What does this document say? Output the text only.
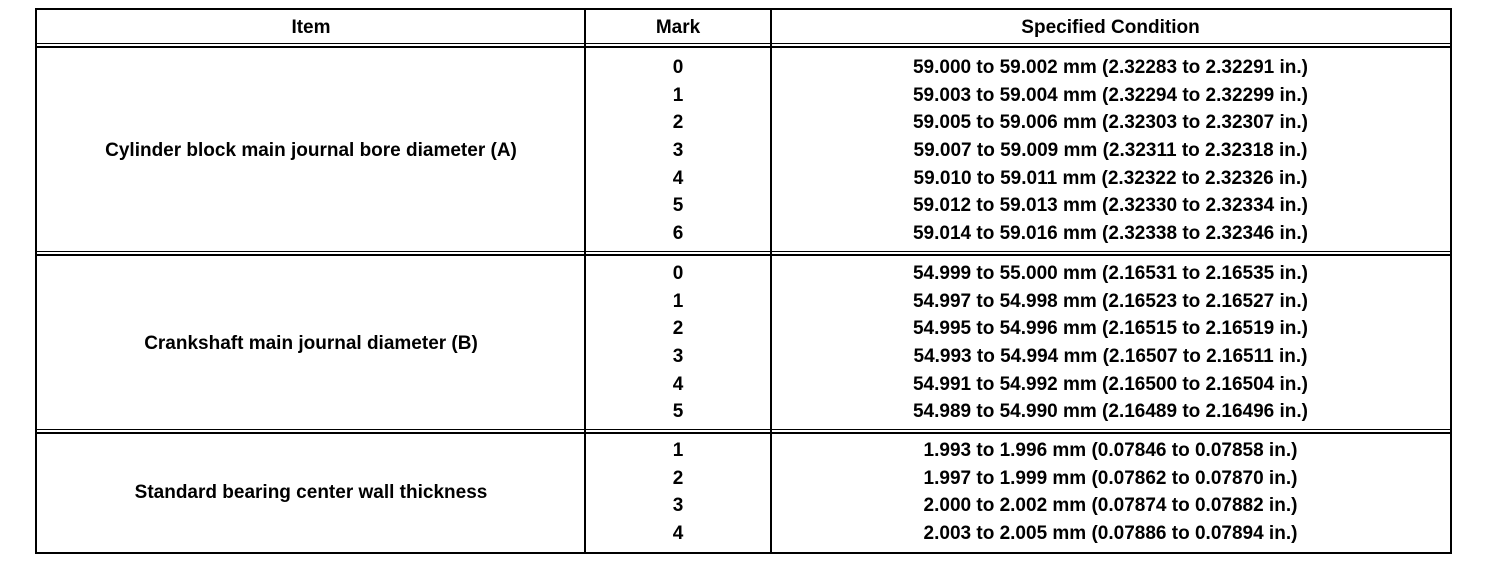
Item	Mark	Specified Condition
Cylinder block main journal bore diameter (A)
0
1
2
3
4
5
6
59.000 to 59.002 mm (2.32283 to 2.32291 in.)
59.003 to 59.004 mm (2.32294 to 2.32299 in.)
59.005 to 59.006 mm (2.32303 to 2.32307 in.)
59.007 to 59.009 mm (2.32311 to 2.32318 in.)
59.010 to 59.011 mm (2.32322 to 2.32326 in.)
59.012 to 59.013 mm (2.32330 to 2.32334 in.)
59.014 to 59.016 mm (2.32338 to 2.32346 in.)
Crankshaft main journal diameter (B)
0
1
2
3
4
5
54.999 to 55.000 mm (2.16531 to 2.16535 in.)
54.997 to 54.998 mm (2.16523 to 2.16527 in.)
54.995 to 54.996 mm (2.16515 to 2.16519 in.)
54.993 to 54.994 mm (2.16507 to 2.16511 in.)
54.991 to 54.992 mm (2.16500 to 2.16504 in.)
54.989 to 54.990 mm (2.16489 to 2.16496 in.)
Standard bearing center wall thickness
1
2
3
4
1.993 to 1.996 mm (0.07846 to 0.07858 in.)
1.997 to 1.999 mm (0.07862 to 0.07870 in.)
2.000 to 2.002 mm (0.07874 to 0.07882 in.)
2.003 to 2.005 mm (0.07886 to 0.07894 in.)
